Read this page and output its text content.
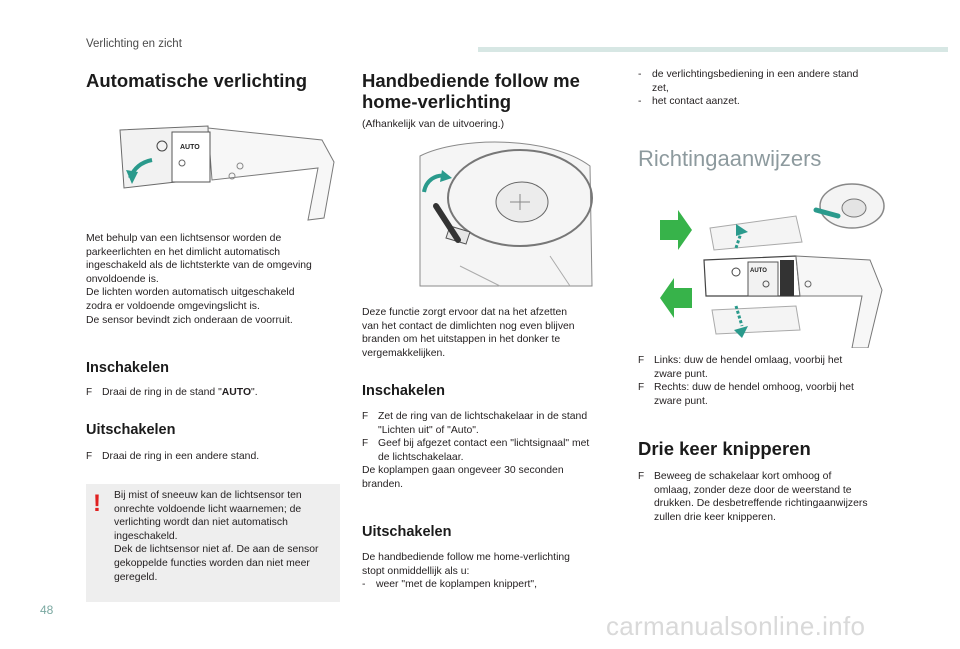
Verlichting en zicht
Automatische verlichting
AUTO

Met behulp van een lichtsensor worden de

parkeerlichten en het dimlicht automatisch

ingeschakeld als de lichtsterkte van de omgeving

onvoldoende is.

De lichten worden automatisch uitgeschakeld

zodra er voldoende omgevingslicht is.

De sensor bevindt zich onderaan de voorruit.

Inschakelen

F Draai de ring in de stand "AUTO".

Uitschakelen

F Draai de ring in een andere stand.

! Bij mist of sneeuw kan de lichtsensor ten

onrechte voldoende licht waarnemen; de

verlichting wordt dan niet automatisch

ingeschakeld.

Dek de lichtsensor niet af. De aan de sensor

gekoppelde functies worden dan niet meer

geregeld.

Handbediende follow me
home-verlichting

(Afhankelijk van de uitvoering.)

Deze functie zorgt ervoor dat na het afzetten

van het contact de dimlichten nog even blijven

branden om het uitstappen in het donker te

vergemakkelijken.

Inschakelen
F Zet de ring van de lichtschakelaar in de stand
"Lichten uit" of "Auto".
F Geef bij afgezet contact een "lichtsignaal" met
de lichtschakelaar.

De koplampen gaan ongeveer 30 seconden

branden.

Uitschakelen

De handbediende follow me home-verlichting

stopt onmiddellijk als u:

- weer "met de koplampen knippert",

- de verlichtingsbediening in een andere stand
zet,
- het contact aanzet.
Richtingaanwijzers
AUTO
F Links: duw de hendel omlaag, voorbij het
zware punt.
F Rechts: duw de hendel omhoog, voorbij het
zware punt.
Drie keer knipperen
F Beweeg de schakelaar kort omhoog of
omlaag, zonder deze door de weerstand te
drukken. De desbetreffende richtingaanwijzers
zullen drie keer knipperen.
48
carmanualsonline.info
